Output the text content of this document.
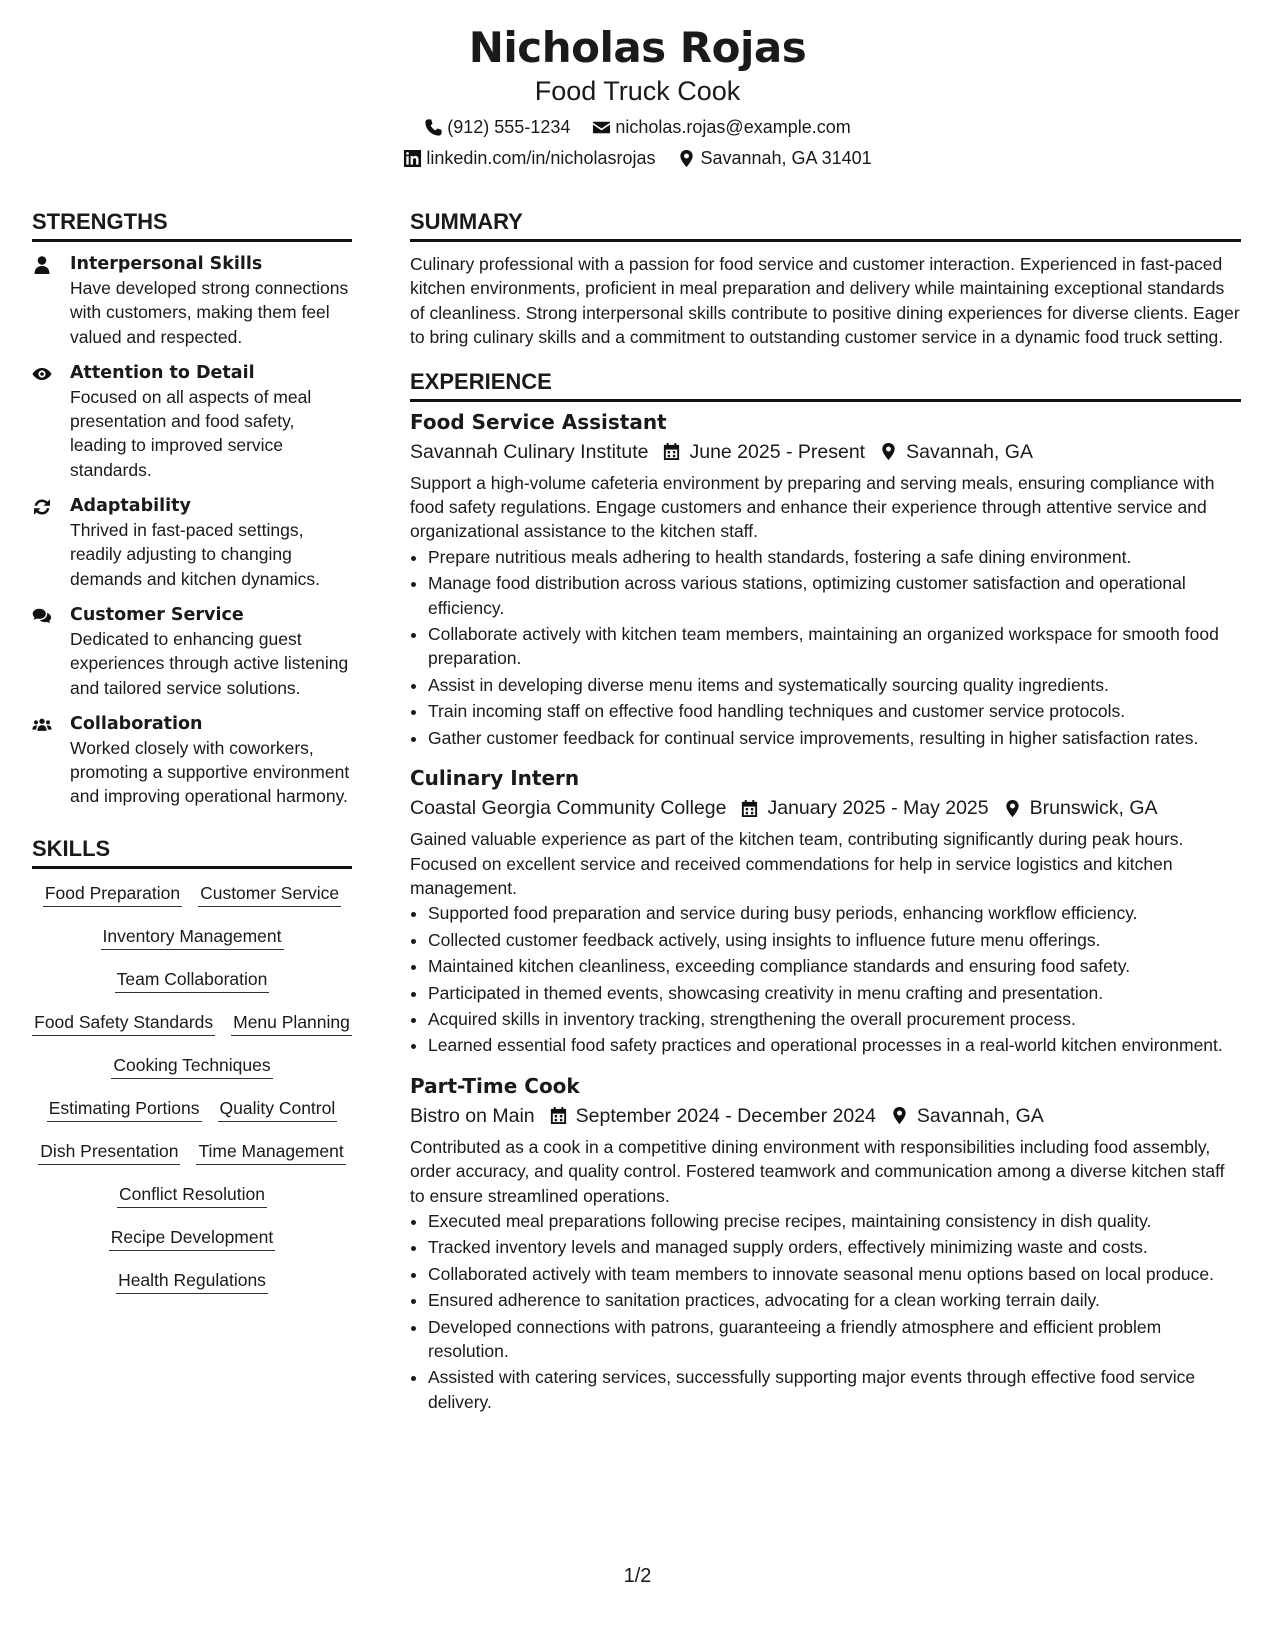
Nicholas Rojas
Food Truck Cook
(912) 555-1234	nicholas.rojas@example.com
linkedin.com/in/nicholasrojas	Savannah, GA 31401
STRENGTHS
Interpersonal Skills
Have developed strong connections with customers, making them feel valued and respected.
Attention to Detail
Focused on all aspects of meal presentation and food safety, leading to improved service standards.
Adaptability
Thrived in fast-paced settings, readily adjusting to changing demands and kitchen dynamics.
Customer Service
Dedicated to enhancing guest experiences through active listening and tailored service solutions.
Collaboration
Worked closely with coworkers, promoting a supportive environment and improving operational harmony.
SKILLS
Food Preparation Customer Service
Inventory Management
Team Collaboration
Food Safety Standards Menu Planning
Cooking Techniques
Estimating Portions Quality Control
Dish Presentation Time Management
Conflict Resolution
Recipe Development
Health Regulations
SUMMARY
Culinary professional with a passion for food service and customer interaction. Experienced in fast-paced kitchen environments, proficient in meal preparation and delivery while maintaining exceptional standards of cleanliness. Strong interpersonal skills contribute to positive dining experiences for diverse clients. Eager to bring culinary skills and a commitment to outstanding customer service in a dynamic food truck setting.
EXPERIENCE
Food Service Assistant
Savannah Culinary Institute June 2025 - Present Savannah, GA
Support a high-volume cafeteria environment by preparing and serving meals, ensuring compliance with food safety regulations. Engage customers and enhance their experience through attentive service and organizational assistance to the kitchen staff.
• Prepare nutritious meals adhering to health standards, fostering a safe dining environment.
• Manage food distribution across various stations, optimizing customer satisfaction and operational efficiency.
• Collaborate actively with kitchen team members, maintaining an organized workspace for smooth food preparation.
• Assist in developing diverse menu items and systematically sourcing quality ingredients.
• Train incoming staff on effective food handling techniques and customer service protocols.
• Gather customer feedback for continual service improvements, resulting in higher satisfaction rates.
Culinary Intern
Coastal Georgia Community College January 2025 - May 2025 Brunswick, GA
Gained valuable experience as part of the kitchen team, contributing significantly during peak hours. Focused on excellent service and received commendations for help in service logistics and kitchen management.
• Supported food preparation and service during busy periods, enhancing workflow efficiency.
• Collected customer feedback actively, using insights to influence future menu offerings.
• Maintained kitchen cleanliness, exceeding compliance standards and ensuring food safety.
• Participated in themed events, showcasing creativity in menu crafting and presentation.
• Acquired skills in inventory tracking, strengthening the overall procurement process.
• Learned essential food safety practices and operational processes in a real-world kitchen environment.
Part-Time Cook
Bistro on Main September 2024 - December 2024 Savannah, GA
Contributed as a cook in a competitive dining environment with responsibilities including food assembly, order accuracy, and quality control. Fostered teamwork and communication among a diverse kitchen staff to ensure streamlined operations.
• Executed meal preparations following precise recipes, maintaining consistency in dish quality.
• Tracked inventory levels and managed supply orders, effectively minimizing waste and costs.
• Collaborated actively with team members to innovate seasonal menu options based on local produce.
• Ensured adherence to sanitation practices, advocating for a clean working terrain daily.
• Developed connections with patrons, guaranteeing a friendly atmosphere and efficient problem resolution.
• Assisted with catering services, successfully supporting major events through effective food service delivery.
1/2
